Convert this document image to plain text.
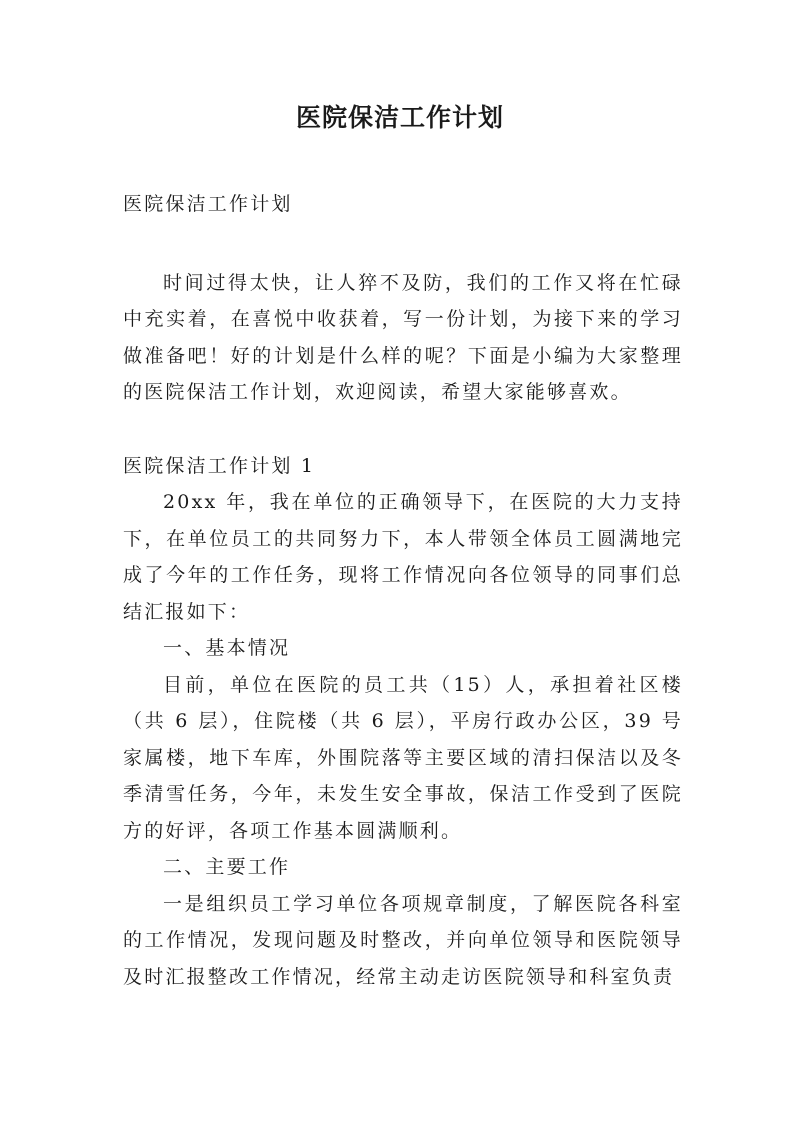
医院保洁工作计划

医院保洁工作计划

时间过得太快，让人猝不及防，我们的工作又将在忙碌中充实着，在喜悦中收获着，写一份计划，为接下来的学习做准备吧！好的计划是什么样的呢？下面是小编为大家整理的医院保洁工作计划，欢迎阅读，希望大家能够喜欢。

医院保洁工作计划 1

20xx 年，我在单位的正确领导下，在医院的大力支持下，在单位员工的共同努力下，本人带领全体员工圆满地完成了今年的工作任务，现将工作情况向各位领导的同事们总结汇报如下：

一、基本情况

目前，单位在医院的员工共（15）人，承担着社区楼（共 6 层），住院楼（共 6 层），平房行政办公区，39 号家属楼，地下车库，外围院落等主要区域的清扫保洁以及冬季清雪任务，今年，未发生安全事故，保洁工作受到了医院方的好评，各项工作基本圆满顺利。

二、主要工作

一是组织员工学习单位各项规章制度，了解医院各科室的工作情况，发现问题及时整改，并向单位领导和医院领导及时汇报整改工作情况，经常主动走访医院领导和科室负责
